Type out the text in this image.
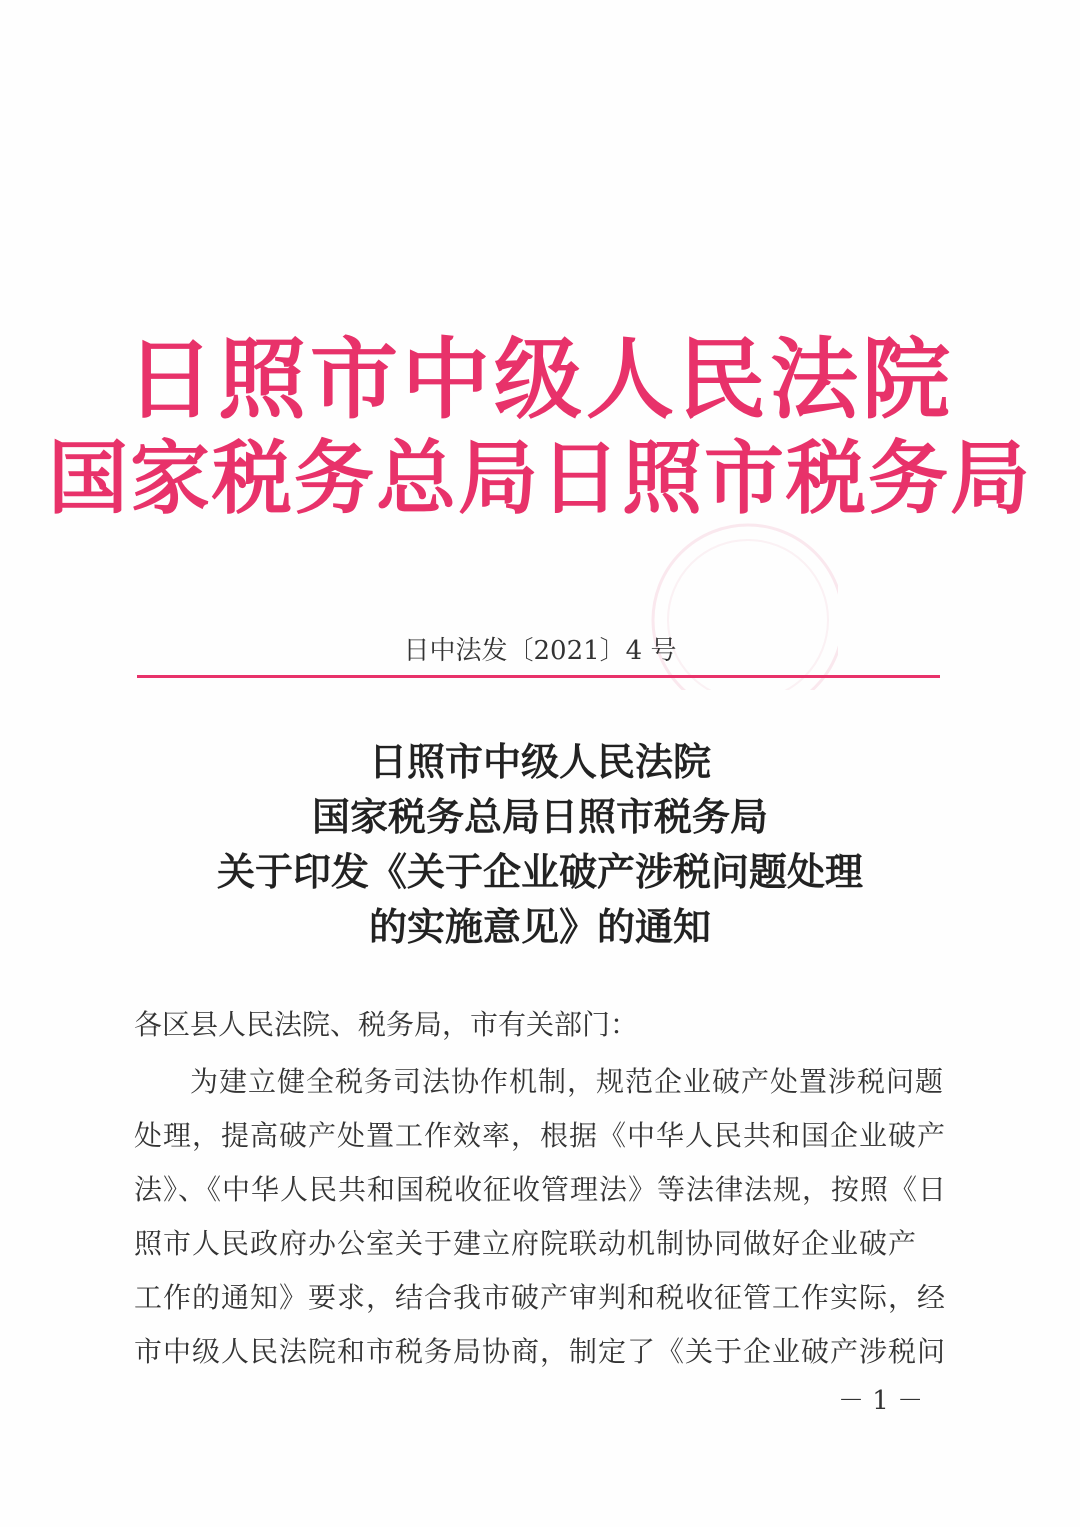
日照市中级人民法院
国家税务总局日照市税务局
日中法发〔2021〕4 号
日照市中级人民法院
国家税务总局日照市税务局
关于印发《关于企业破产涉税问题处理
的实施意见》的通知
各区县人民法院、税务局，市有关部门：
为建立健全税务司法协作机制，规范企业破产处置涉税问题
处理，提高破产处置工作效率，根据《中华人民共和国企业破产
法》、《中华人民共和国税收征收管理法》等法律法规，按照《日
照市人民政府办公室关于建立府院联动机制协同做好企业破产
工作的通知》要求，结合我市破产审判和税收征管工作实际，经
市中级人民法院和市税务局协商，制定了《关于企业破产涉税问
－ 1 －
